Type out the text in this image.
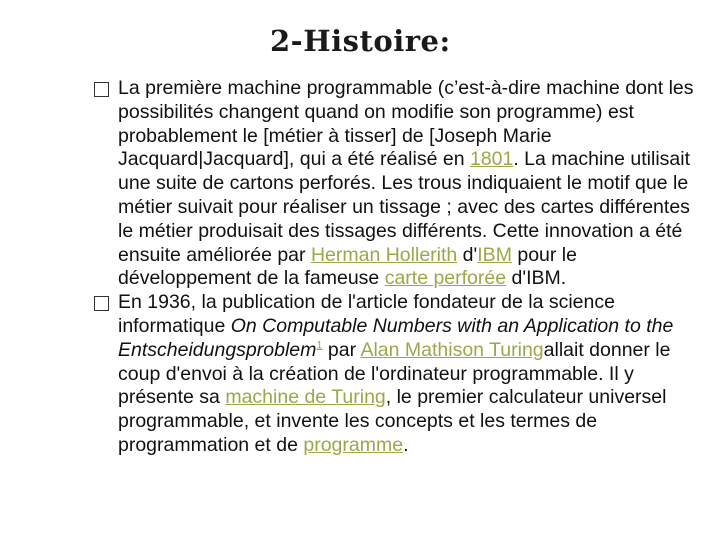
2-Histoire:
La première machine programmable (c’est-à-dire machine dont les possibilités changent quand on modifie son programme) est probablement le [métier à tisser] de [Joseph Marie Jacquard|Jacquard], qui a été réalisé en 1801. La machine utilisait une suite de cartons perforés. Les trous indiquaient le motif que le métier suivait pour réaliser un tissage ; avec des cartes différentes le métier produisait des tissages différents. Cette innovation a été ensuite améliorée par Herman Hollerith d'IBM pour le développement de la fameuse carte perforée d'IBM.
En 1936, la publication de l'article fondateur de la science informatique On Computable Numbers with an Application to the Entscheidungsproblem$^1$ par Alan Mathison Turingallait donner le coup d'envoi à la création de l'ordinateur programmable. Il y présente sa machine de Turing, le premier calculateur universel programmable, et invente les concepts et les termes de programmation et de programme.
